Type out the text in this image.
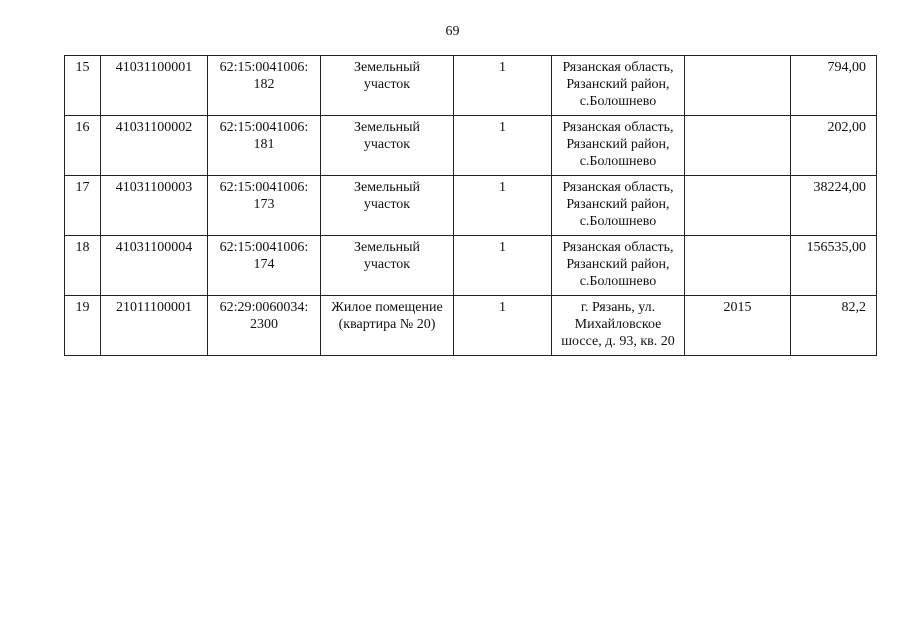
69
15	41031100001	62:15:0041006:
182	Земельный
участок	1	Рязанская область,
Рязанский район,
с.Болошнево		794,00
16	41031100002	62:15:0041006:
181	Земельный
участок	1	Рязанская область,
Рязанский район,
с.Болошнево		202,00
17	41031100003	62:15:0041006:
173	Земельный
участок	1	Рязанская область,
Рязанский район,
с.Болошнево		38224,00
18	41031100004	62:15:0041006:
174	Земельный
участок	1	Рязанская область,
Рязанский район,
с.Болошнево		156535,00
19	21011100001	62:29:0060034:
2300	Жилое помещение
(квартира № 20)	1	г. Рязань, ул.
Михайловское
шоссе, д. 93, кв. 20	2015	82,2
